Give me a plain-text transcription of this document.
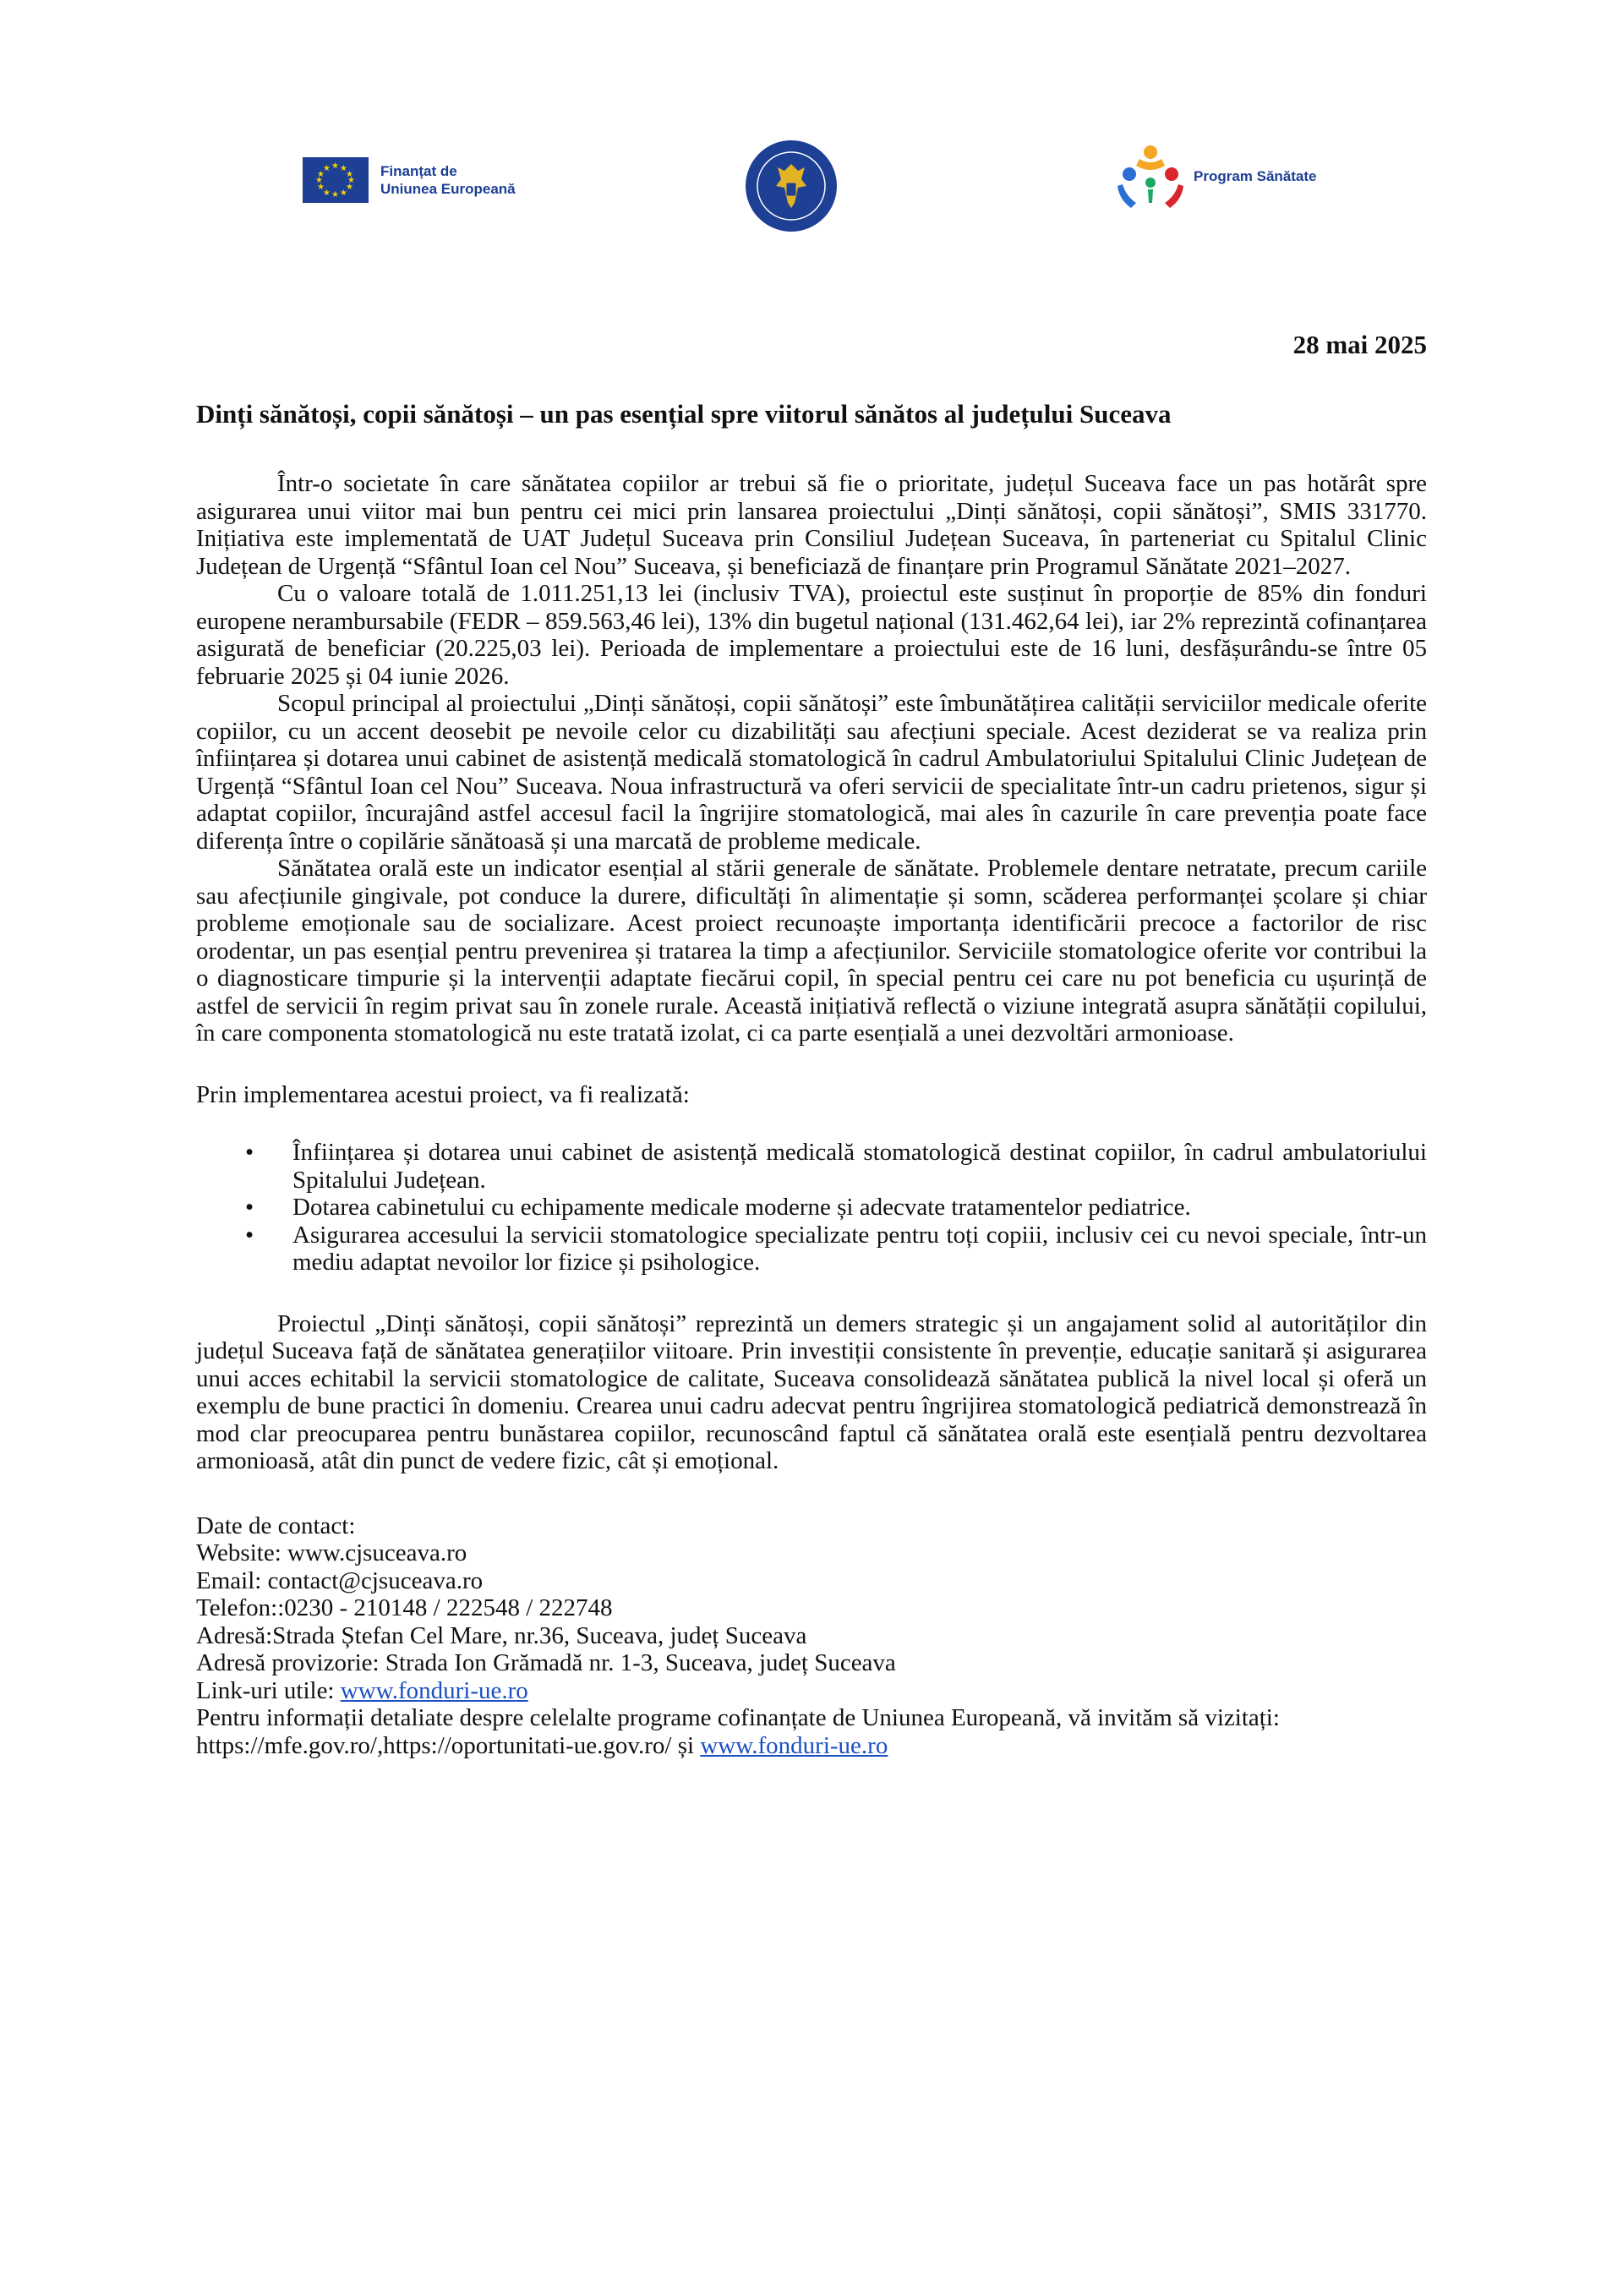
★ ★
★
★
★
★
★
★
★
★
★
★	Finanțat de
Uniunea Europeană
Program Sănătate
28 mai 2025
Dinți sănătoși, copii sănătoși – un pas esențial spre viitorul sănătos al județului Suceava

Într-o societate în care sănătatea copiilor ar trebui să fie o prioritate, județul Suceava face un pas hotărât spre asigurarea unui viitor mai bun pentru cei mici prin lansarea proiectului „Dinți sănătoși, copii sănătoși”, SMIS 331770. Inițiativa este implementată de UAT Județul Suceava prin Consiliul Județean Suceava, în parteneriat cu Spitalul Clinic Județean de Urgență “Sfântul Ioan cel Nou” Suceava, și beneficiază de finanțare prin Programul Sănătate 2021–2027.

Cu o valoare totală de 1.011.251,13 lei (inclusiv TVA), proiectul este susținut în proporție de 85% din fonduri europene nerambursabile (FEDR – 859.563,46 lei), 13% din bugetul național (131.462,64 lei), iar 2% reprezintă cofinanțarea asigurată de beneficiar (20.225,03 lei). Perioada de implementare a proiectului este de 16 luni, desfășurându-se între 05 februarie 2025 și 04 iunie 2026.

Scopul principal al proiectului „Dinți sănătoși, copii sănătoși” este îmbunătățirea calității serviciilor medicale oferite copiilor, cu un accent deosebit pe nevoile celor cu dizabilități sau afecțiuni speciale. Acest deziderat se va realiza prin înființarea și dotarea unui cabinet de asistență medicală stomatologică în cadrul Ambulatoriului Spitalului Clinic Județean de Urgență “Sfântul Ioan cel Nou” Suceava. Noua infrastructură va oferi servicii de specialitate într-un cadru prietenos, sigur și adaptat copiilor, încurajând astfel accesul facil la îngrijire stomatologică, mai ales în cazurile în care prevenția poate face diferența între o copilărie sănătoasă și una marcată de probleme medicale.

Sănătatea orală este un indicator esențial al stării generale de sănătate. Problemele dentare netratate, precum cariile sau afecțiunile gingivale, pot conduce la durere, dificultăți în alimentație și somn, scăderea performanței școlare și chiar probleme emoționale sau de socializare. Acest proiect recunoaște importanța identificării precoce a factorilor de risc orodentar, un pas esențial pentru prevenirea și tratarea la timp a afecțiunilor. Serviciile stomatologice oferite vor contribui la o diagnosticare timpurie și la intervenții adaptate fiecărui copil, în special pentru cei care nu pot beneficia cu ușurință de astfel de servicii în regim privat sau în zonele rurale. Această inițiativă reflectă o viziune integrată asupra sănătății copilului, în care componenta stomatologică nu este tratată izolat, ci ca parte esențială a unei dezvoltări armonioase.

Prin implementarea acestui proiect, va fi realizată:

• Înființarea și dotarea unui cabinet de asistență medicală stomatologică destinat copiilor, în cadrul ambulatoriului Spitalului Județean.
• Dotarea cabinetului cu echipamente medicale moderne și adecvate tratamentelor pediatrice.
• Asigurarea accesului la servicii stomatologice specializate pentru toți copiii, inclusiv cei cu nevoi speciale, într-un mediu adaptat nevoilor lor fizice și psihologice.

Proiectul „Dinți sănătoși, copii sănătoși” reprezintă un demers strategic și un angajament solid al autorităților din județul Suceava față de sănătatea generațiilor viitoare. Prin investiții consistente în prevenție, educație sanitară și asigurarea unui acces echitabil la servicii stomatologice de calitate, Suceava consolidează sănătatea publică la nivel local și oferă un exemplu de bune practici în domeniu. Crearea unui cadru adecvat pentru îngrijirea stomatologică pediatrică demonstrează în mod clar preocuparea pentru bunăstarea copiilor, recunoscând faptul că sănătatea orală este esențială pentru dezvoltarea armonioasă, atât din punct de vedere fizic, cât și emoțional.

Date de contact:
Website: www.cjsuceava.ro
Email: contact@cjsuceava.ro
Telefon::0230 - 210148 / 222548 / 222748
Adresă:Strada Ștefan Cel Mare, nr.36, Suceava, județ Suceava
Adresă provizorie: Strada Ion Grămadă nr. 1-3, Suceava, județ Suceava
Link-uri utile: www.fonduri-ue.ro
Pentru informații detaliate despre celelalte programe cofinanțate de Uniunea Europeană, vă invităm să vizitați:
https://mfe.gov.ro/,https://oportunitati-ue.gov.ro/ și www.fonduri-ue.ro
